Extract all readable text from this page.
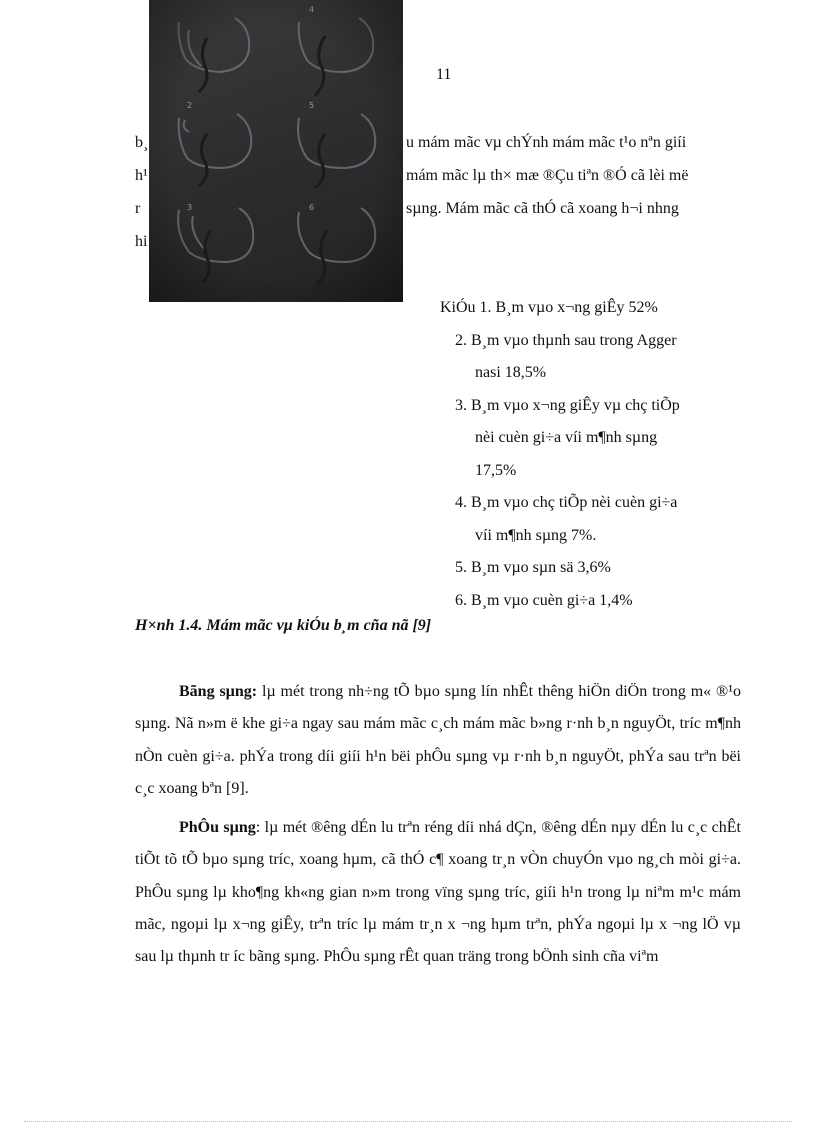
11
b¸	u mám mãc vµ chÝnh mám mãc t¹o nªn giíi
h¹	mám mãc lµ th× mæ ®Çu tiªn ®Ó cã lèi më
r	sµng. Mám mãc cã thÓ cã xoang h¬i nhng
hi
KiÓu 1. B¸m vµo x¬ng giÊy 52%
2. B¸m vµo thµnh sau trong Agger
nasi 18,5%
3. B¸m vµo x¬ng giÊy vµ chç tiÕp
nèi cuèn gi÷a víi m¶nh sµng
17,5%
4. B¸m vµo chç tiÕp nèi cuèn gi÷a
víi m¶nh sµng 7%.
5. B¸m vµo sµn sä 3,6%
6. B¸m vµo cuèn gi÷a 1,4%
H×nh 1.4. Mám mãc vµ kiÓu b¸m cña nã [9]
Bãng sµng: lµ mét trong nh÷ng tÕ bµo sµng lín nhÊt thêng hiÖn diÖn trong m« ®¹o sµng. Nã n»m ë khe gi÷a ngay sau mám mãc c¸ch mám mãc b»ng r·nh b¸n nguyÖt, tríc m¶nh nÒn cuèn gi÷a. phÝa trong díi giíi h¹n bëi phÔu sµng vµ r·nh b¸n nguyÖt, phÝa sau trªn bëi c¸c xoang bªn [9].
PhÔu sµng: lµ mét ®êng dÉn lu trªn réng díi nhá dÇn, ®êng dÉn nµy dÉn lu c¸c chÊt tiÕt tõ tÕ bµo sµng tríc, xoang hµm, cã thÓ c¶ xoang tr¸n vÒn chuyÓn vµo ng¸ch mòi gi÷a. PhÔu sµng lµ kho¶ng kh«ng gian n»m trong vïng sµng tríc, giíi h¹n trong lµ niªm m¹c mám mãc, ngoµi lµ x¬ng giÊy, trªn tríc lµ mám tr¸n x ¬ng hµm trªn, phÝa ngoµi lµ x ¬ng lÖ vµ sau lµ thµnh tr íc bãng sµng. PhÔu sµng rÊt quan träng trong bÖnh sinh cña viªm
